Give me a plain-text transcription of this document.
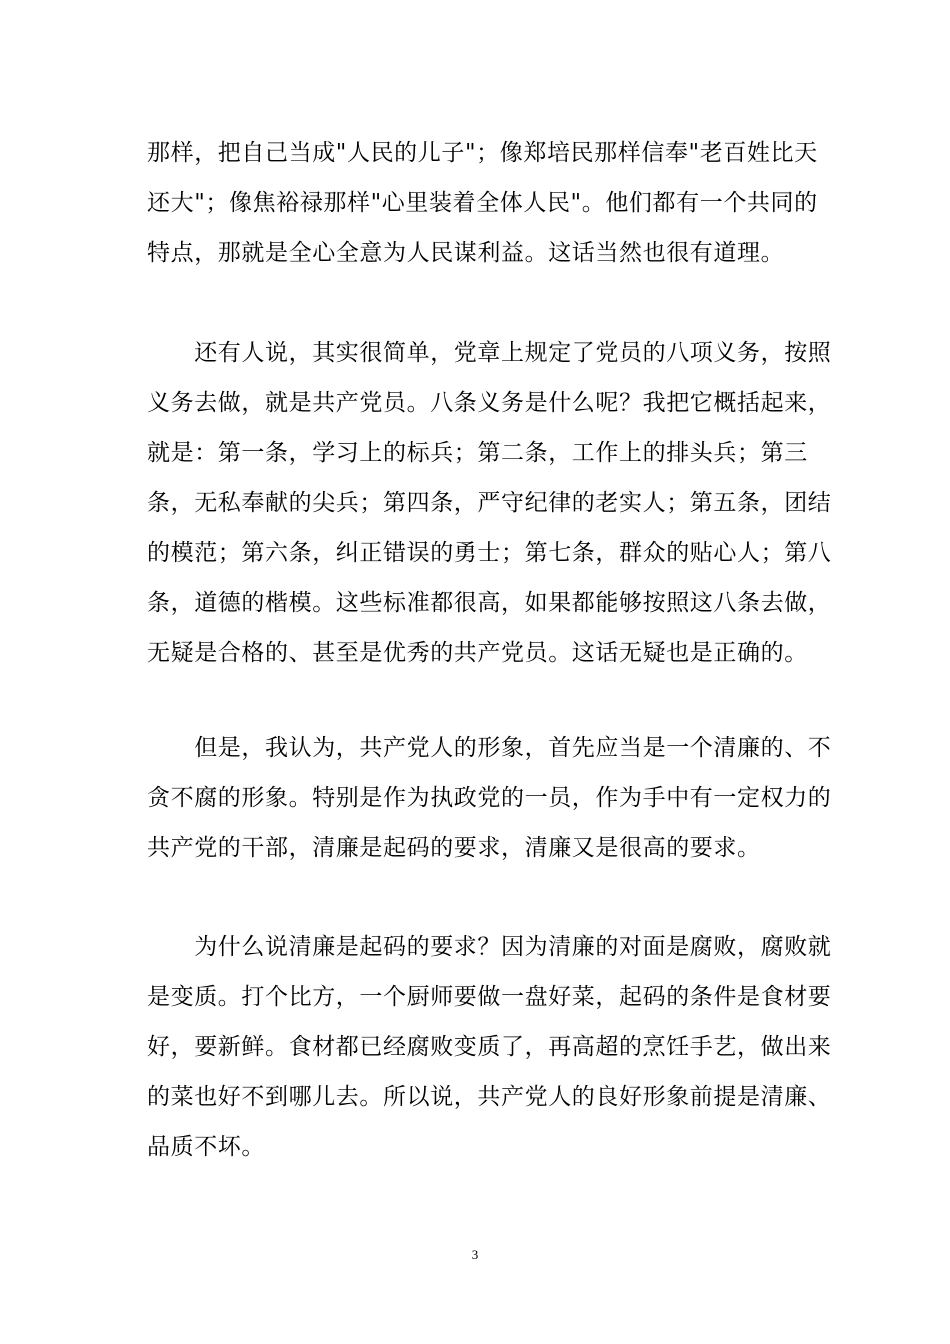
那样，把自己当成"人民的儿子"；像郑培民那样信奉"老百姓比天
还大"；像焦裕禄那样"心里装着全体人民"。他们都有一个共同的
特点，那就是全心全意为人民谋利益。这话当然也很有道理。
　　还有人说，其实很简单，党章上规定了党员的八项义务，按照
义务去做，就是共产党员。八条义务是什么呢？我把它概括起来，
就是：第一条，学习上的标兵；第二条，工作上的排头兵；第三
条，无私奉献的尖兵；第四条，严守纪律的老实人；第五条，团结
的模范；第六条，纠正错误的勇士；第七条，群众的贴心人；第八
条，道德的楷模。这些标准都很高，如果都能够按照这八条去做，
无疑是合格的、甚至是优秀的共产党员。这话无疑也是正确的。
　　但是，我认为，共产党人的形象，首先应当是一个清廉的、不
贪不腐的形象。特别是作为执政党的一员，作为手中有一定权力的
共产党的干部，清廉是起码的要求，清廉又是很高的要求。
　　为什么说清廉是起码的要求？因为清廉的对面是腐败，腐败就
是变质。打个比方，一个厨师要做一盘好菜，起码的条件是食材要
好，要新鲜。食材都已经腐败变质了，再高超的烹饪手艺，做出来
的菜也好不到哪儿去。所以说，共产党人的良好形象前提是清廉、
品质不坏。
3
